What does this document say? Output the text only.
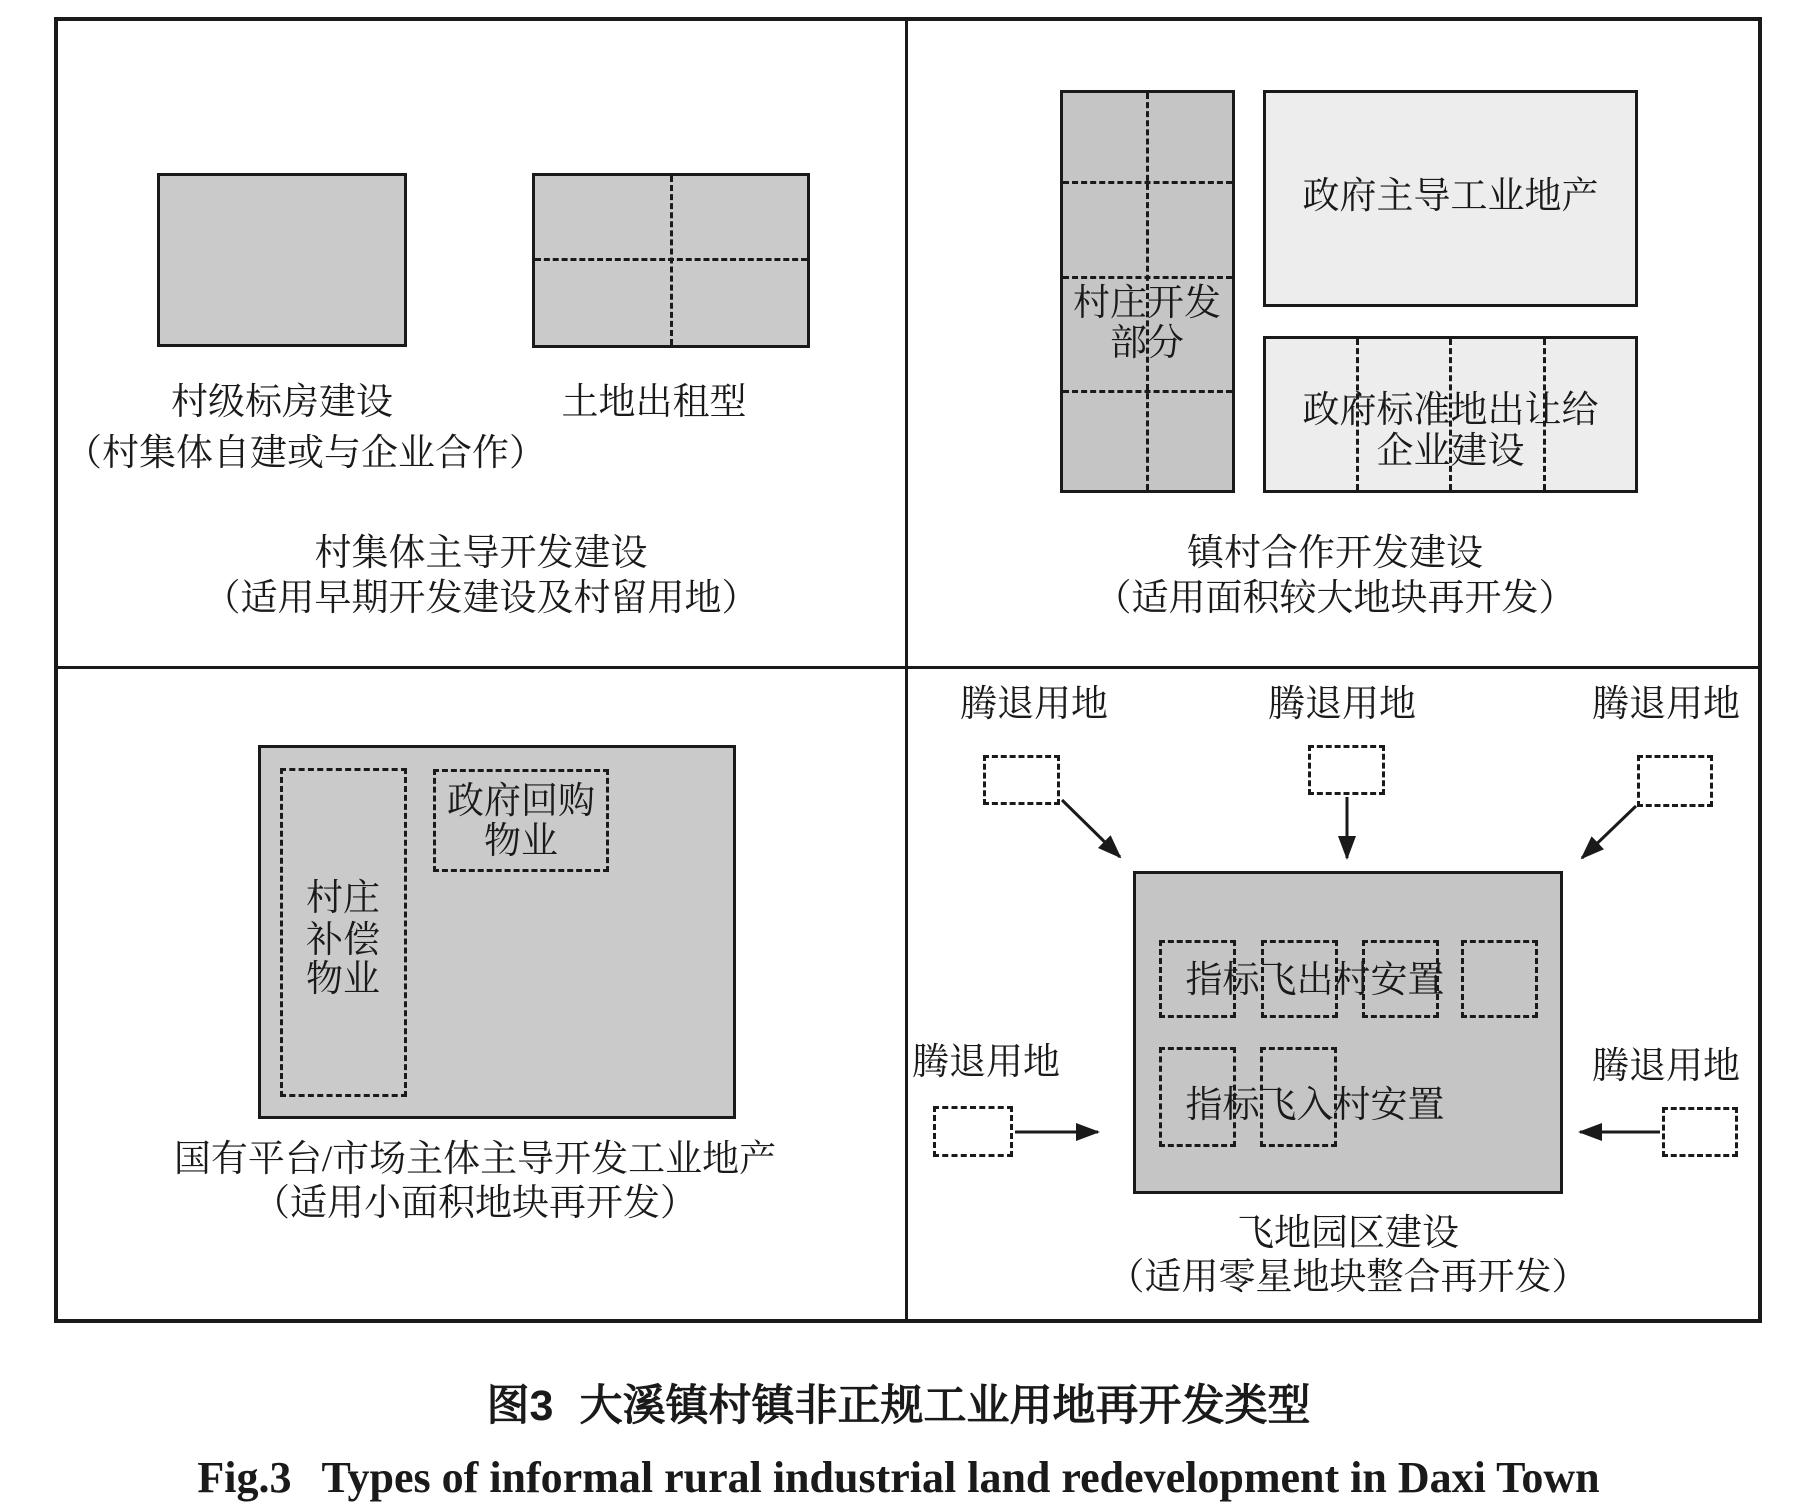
村级标房建设
（村集体自建或与企业合作）
土地出租型
村集体主导开发建设
（适用早期开发建设及村留用地）
村庄开发
部分
政府主导工业地产
政府标准地出让给
企业建设
镇村合作开发建设
（适用面积较大地块再开发）
村庄
补偿
物业
政府回购
物业
国有平台/市场主体主导开发工业地产
（适用小面积地块再开发）
指标飞出村安置
指标飞入村安置
腾退用地	腾退用地	腾退用地
腾退用地	腾退用地
飞地园区建设
（适用零星地块整合再开发）
图3 大溪镇村镇非正规工业用地再开发类型
Fig.3 Types of informal rural industrial land redevelopment in Daxi Town
